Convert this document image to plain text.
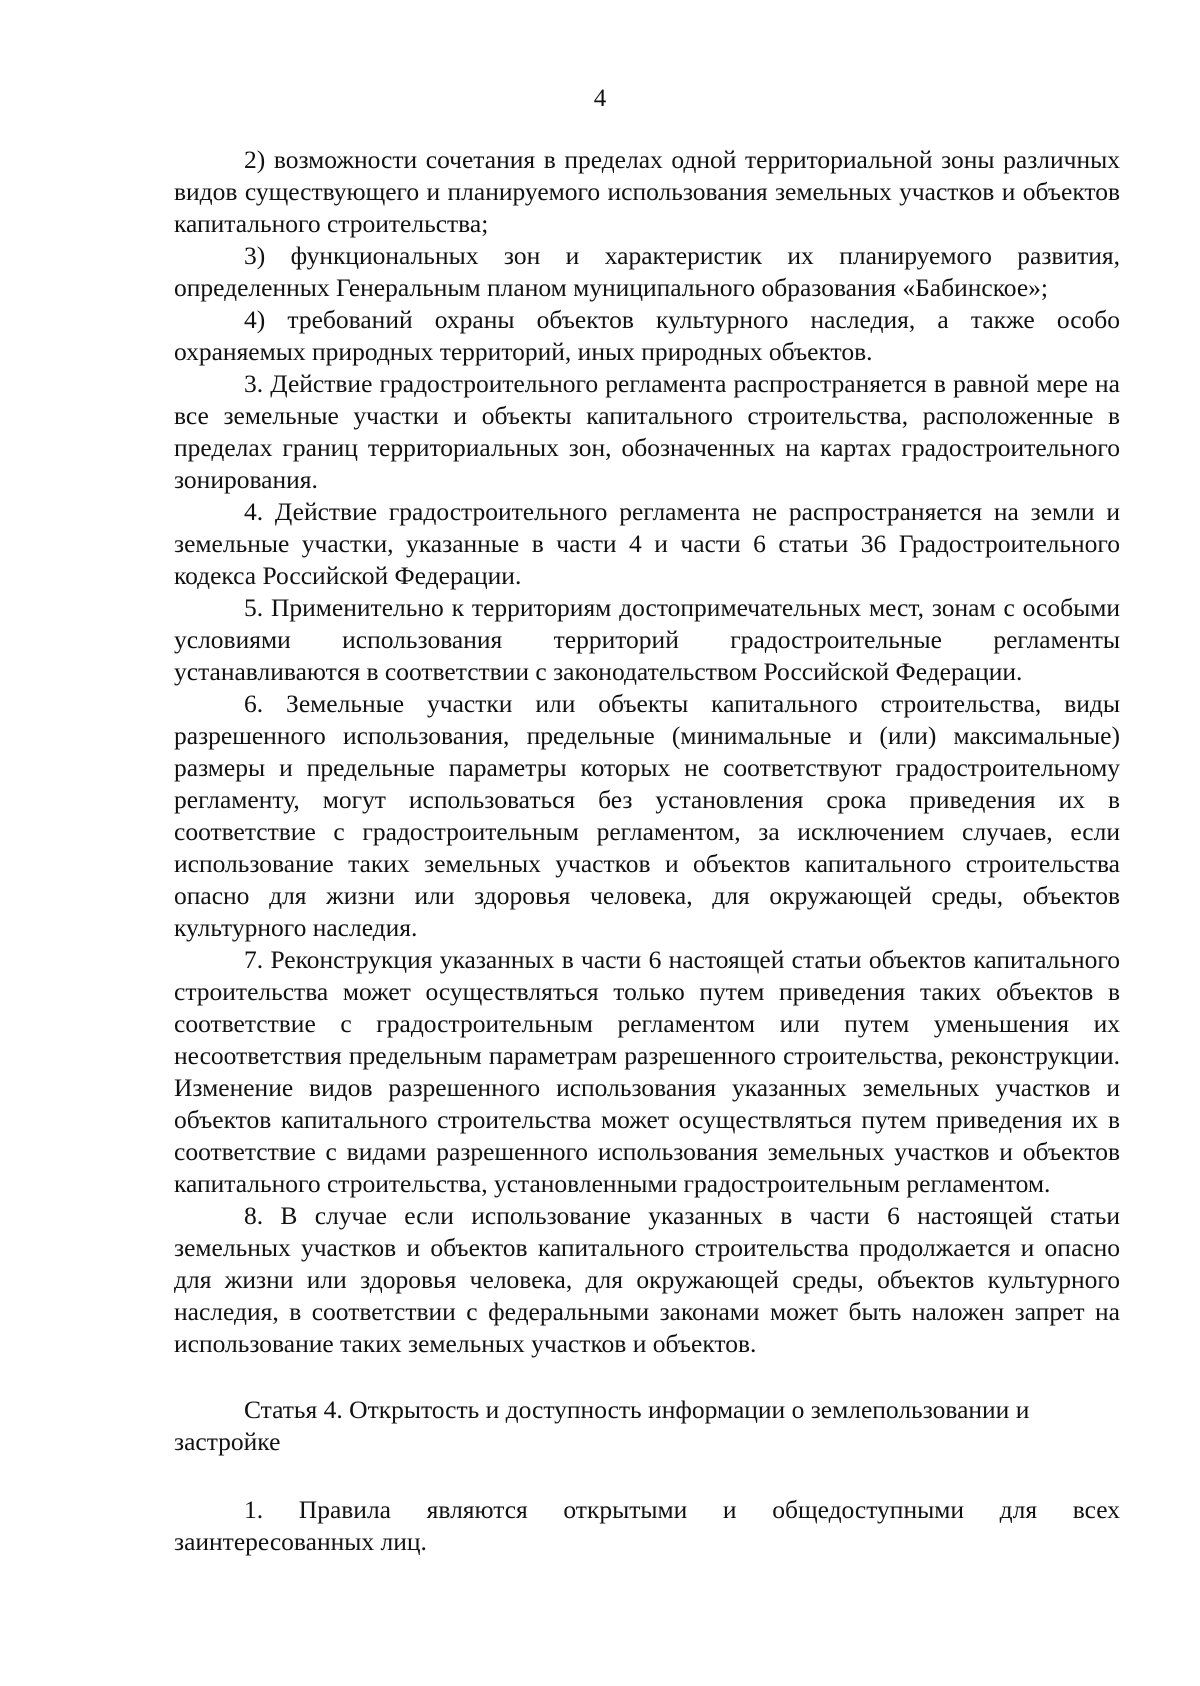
4

2) возможности сочетания в пределах одной территориальной зоны различных видов существующего и планируемого использования земельных участков и объектов капитального строительства;

3) функциональных зон и характеристик их планируемого развития, определенных Генеральным планом муниципального образования «Бабинское»;

4) требований охраны объектов культурного наследия, а также особо охраняемых природных территорий, иных природных объектов.

3. Действие градостроительного регламента распространяется в равной мере на все земельные участки и объекты капитального строительства, расположенные в пределах границ территориальных зон, обозначенных на картах градостроительного зонирования.

4. Действие градостроительного регламента не распространяется на земли и земельные участки, указанные в части 4 и части 6 статьи 36 Градостроительного кодекса Российской Федерации.

5. Применительно к территориям достопримечательных мест, зонам с особыми условиями использования территорий градостроительные регламенты устанавливаются в соответствии с законодательством Российской Федерации.

6. Земельные участки или объекты капитального строительства, виды разрешенного использования, предельные (минимальные и (или) максимальные) размеры и предельные параметры которых не соответствуют градостроительному регламенту, могут использоваться без установления срока приведения их в соответствие с градостроительным регламентом, за исключением случаев, если использование таких земельных участков и объектов капитального строительства опасно для жизни или здоровья человека, для окружающей среды, объектов культурного наследия.

7. Реконструкция указанных в части 6 настоящей статьи объектов капитального строительства может осуществляться только путем приведения таких объектов в соответствие с градостроительным регламентом или путем уменьшения их несоответствия предельным параметрам разрешенного строительства, реконструкции. Изменение видов разрешенного использования указанных земельных участков и объектов капитального строительства может осуществляться путем приведения их в соответствие с видами разрешенного использования земельных участков и объектов капитального строительства, установленными градостроительным регламентом.

8. В случае если использование указанных в части 6 настоящей статьи земельных участков и объектов капитального строительства продолжается и опасно для жизни или здоровья человека, для окружающей среды, объектов культурного наследия, в соответствии с федеральными законами может быть наложен запрет на использование таких земельных участков и объектов.

Статья 4. Открытость и доступность информации о землепользовании и застройке

1. Правила являются открытыми и общедоступными для всех заинтересованных лиц.
